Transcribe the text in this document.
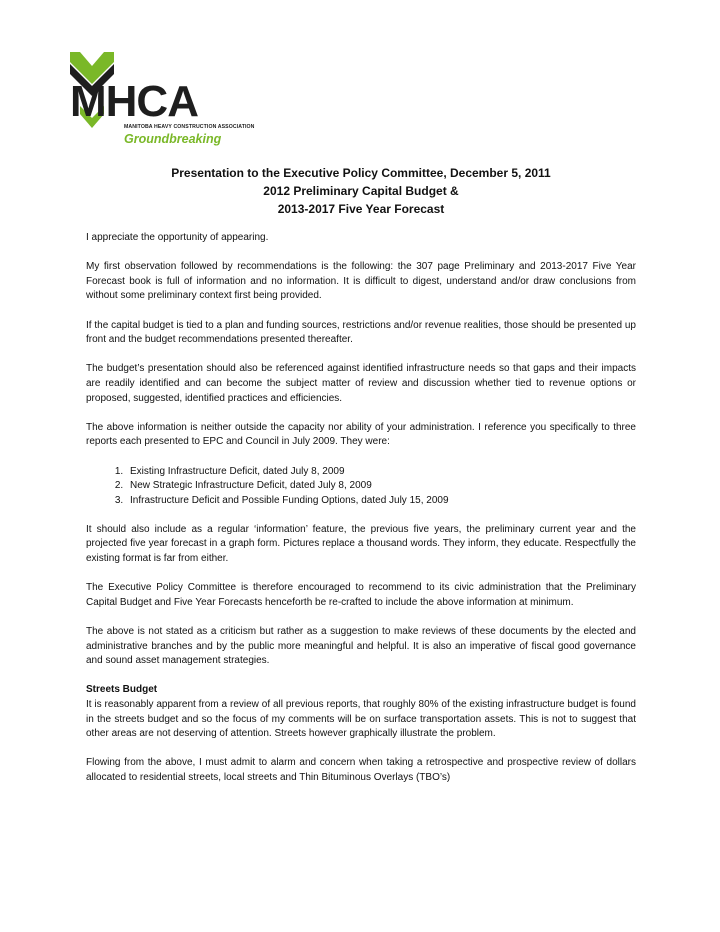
MHCA
MANITOBA HEAVY CONSTRUCTION ASSOCIATION
Groundbreaking
Presentation to the Executive Policy Committee, December 5, 2011
2012 Preliminary Capital Budget &
2013-2017 Five Year Forecast

I appreciate the opportunity of appearing.

My first observation followed by recommendations is the following: the 307 page Preliminary and 2013-2017 Five Year Forecast book is full of information and no information. It is difficult to digest, understand and/or draw conclusions from without some preliminary context first being provided.

If the capital budget is tied to a plan and funding sources, restrictions and/or revenue realities, those should be presented up front and the budget recommendations presented thereafter.

The budget’s presentation should also be referenced against identified infrastructure needs so that gaps and their impacts are readily identified and can become the subject matter of review and discussion whether tied to revenue options or proposed, suggested, identified practices and efficiencies.

The above information is neither outside the capacity nor ability of your administration. I reference you specifically to three reports each presented to EPC and Council in July 2009. They were:

1. Existing Infrastructure Deficit, dated July 8, 2009
2. New Strategic Infrastructure Deficit, dated July 8, 2009
3. Infrastructure Deficit and Possible Funding Options, dated July 15, 2009

It should also include as a regular ‘information’ feature, the previous five years, the preliminary current year and the projected five year forecast in a graph form. Pictures replace a thousand words. They inform, they educate. Respectfully the existing format is far from either.

The Executive Policy Committee is therefore encouraged to recommend to its civic administration that the Preliminary Capital Budget and Five Year Forecasts henceforth be re-crafted to include the above information at minimum.

The above is not stated as a criticism but rather as a suggestion to make reviews of these documents by the elected and administrative branches and by the public more meaningful and helpful. It is also an imperative of fiscal good governance and sound asset management strategies.

Streets Budget

It is reasonably apparent from a review of all previous reports, that roughly 80% of the existing infrastructure budget is found in the streets budget and so the focus of my comments will be on surface transportation assets. This is not to suggest that other areas are not deserving of attention. Streets however graphically illustrate the problem.

Flowing from the above, I must admit to alarm and concern when taking a retrospective and prospective review of dollars allocated to residential streets, local streets and Thin Bituminous Overlays (TBO’s)
